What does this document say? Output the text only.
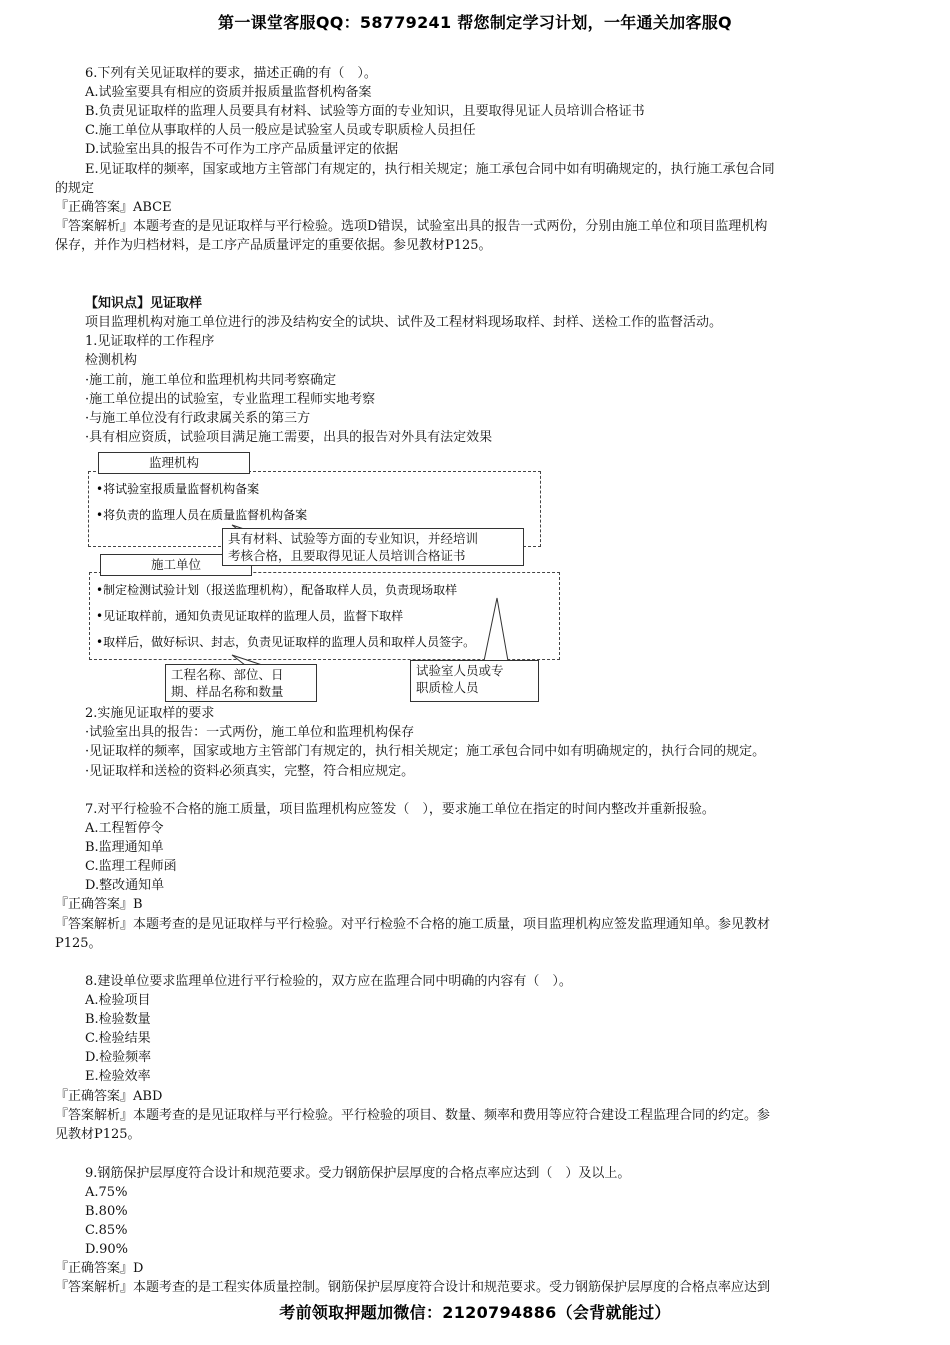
第一课堂客服QQ：58779241 帮您制定学习计划，一年通关加客服Q
6.下列有关见证取样的要求，描述正确的有（　）。
A.试验室要具有相应的资质并报质量监督机构备案
B.负责见证取样的监理人员要具有材料、试验等方面的专业知识，且要取得见证人员培训合格证书
C.施工单位从事取样的人员一般应是试验室人员或专职质检人员担任
D.试验室出具的报告不可作为工序产品质量评定的依据
E.见证取样的频率，国家或地方主管部门有规定的，执行相关规定；施工承包合同中如有明确规定的，执行施工承包合同
的规定
『正确答案』ABCE
『答案解析』本题考查的是见证取样与平行检验。选项D错误，试验室出具的报告一式两份，分别由施工单位和项目监理机构
保存，并作为归档材料，是工序产品质量评定的重要依据。参见教材P125。
【知识点】见证取样
项目监理机构对施工单位进行的涉及结构安全的试块、试件及工程材料现场取样、封样、送检工作的监督活动。
1.见证取样的工作程序
检测机构
·施工前，施工单位和监理机构共同考察确定
·施工单位提出的试验室，专业监理工程师实地考察
·与施工单位没有行政隶属关系的第三方
·具有相应资质，试验项目满足施工需要，出具的报告对外具有法定效果
监理机构
•将试验室报质量监督机构备案
•将负责的监理人员在质量监督机构备案
施工单位
•制定检测试验计划（报送监理机构），配备取样人员，负责现场取样
•见证取样前，通知负责见证取样的监理人员，监督下取样
•取样后，做好标识、封志，负责见证取样的监理人员和取样人员签字。
具有材料、试验等方面的专业知识，并经培训
考核合格，且要取得见证人员培训合格证书
工程名称、部位、日
期、样品名称和数量
试验室人员或专
职质检人员
2.实施见证取样的要求
·试验室出具的报告：一式两份，施工单位和监理机构保存
·见证取样的频率，国家或地方主管部门有规定的，执行相关规定；施工承包合同中如有明确规定的，执行合同的规定。
·见证取样和送检的资料必须真实，完整，符合相应规定。
7.对平行检验不合格的施工质量，项目监理机构应签发（　），要求施工单位在指定的时间内整改并重新报验。
A.工程暂停令
B.监理通知单
C.监理工程师函
D.整改通知单
『正确答案』B
『答案解析』本题考查的是见证取样与平行检验。对平行检验不合格的施工质量，项目监理机构应签发监理通知单。参见教材
P125。
8.建设单位要求监理单位进行平行检验的，双方应在监理合同中明确的内容有（　）。
A.检验项目
B.检验数量
C.检验结果
D.检验频率
E.检验效率
『正确答案』ABD
『答案解析』本题考查的是见证取样与平行检验。平行检验的项目、数量、频率和费用等应符合建设工程监理合同的约定。参
见教材P125。
9.钢筋保护层厚度符合设计和规范要求。受力钢筋保护层厚度的合格点率应达到（　）及以上。
A.75%
B.80%
C.85%
D.90%
『正确答案』D
『答案解析』本题考查的是工程实体质量控制。钢筋保护层厚度符合设计和规范要求。受力钢筋保护层厚度的合格点率应达到
考前领取押题加微信：2120794886（会背就能过）
